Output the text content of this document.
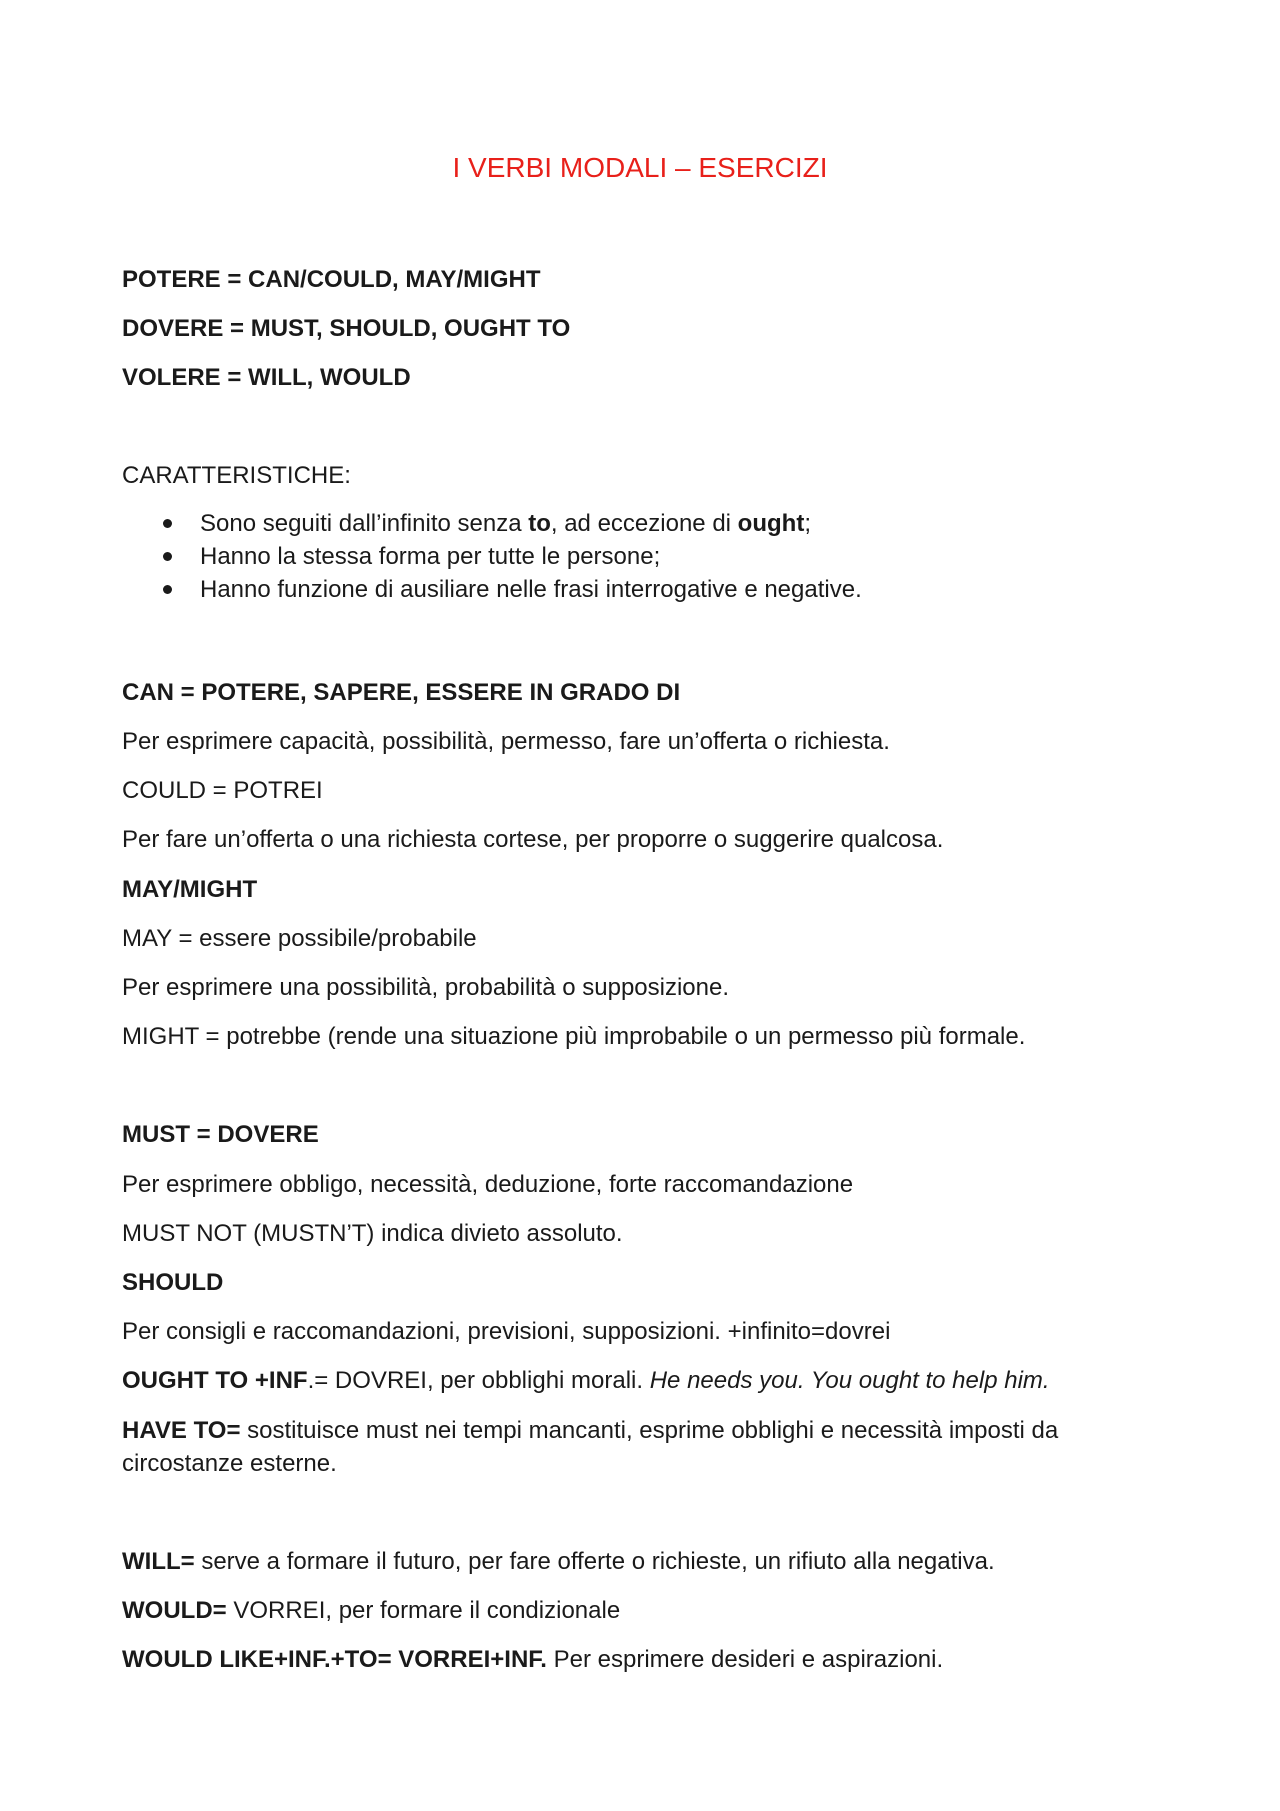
I VERBI MODALI – ESERCIZI
POTERE = CAN/COULD, MAY/MIGHT
DOVERE = MUST, SHOULD, OUGHT TO
VOLERE = WILL, WOULD
CARATTERISTICHE:
Sono seguiti dall’infinito senza to, ad eccezione di ought;
Hanno la stessa forma per tutte le persone;
Hanno funzione di ausiliare nelle frasi interrogative e negative.
CAN = POTERE, SAPERE, ESSERE IN GRADO DI
Per esprimere capacità, possibilità, permesso, fare un’offerta o richiesta.
COULD = POTREI
Per fare un’offerta o una richiesta cortese, per proporre o suggerire qualcosa.
MAY/MIGHT
MAY = essere possibile/probabile
Per esprimere una possibilità, probabilità o supposizione.
MIGHT = potrebbe (rende una situazione più improbabile o un permesso più formale.
MUST = DOVERE
Per esprimere obbligo, necessità, deduzione, forte raccomandazione
MUST NOT (MUSTN’T) indica divieto assoluto.
SHOULD
Per consigli e raccomandazioni, previsioni, supposizioni. +infinito=dovrei
OUGHT TO +INF.= DOVREI, per obblighi morali. He needs you. You ought to help him.
HAVE TO= sostituisce must nei tempi mancanti, esprime obblighi e necessità imposti da circostanze esterne.
WILL= serve a formare il futuro, per fare offerte o richieste, un rifiuto alla negativa.
WOULD= VORREI, per formare il condizionale
WOULD LIKE+INF.+TO= VORREI+INF. Per esprimere desideri e aspirazioni.
